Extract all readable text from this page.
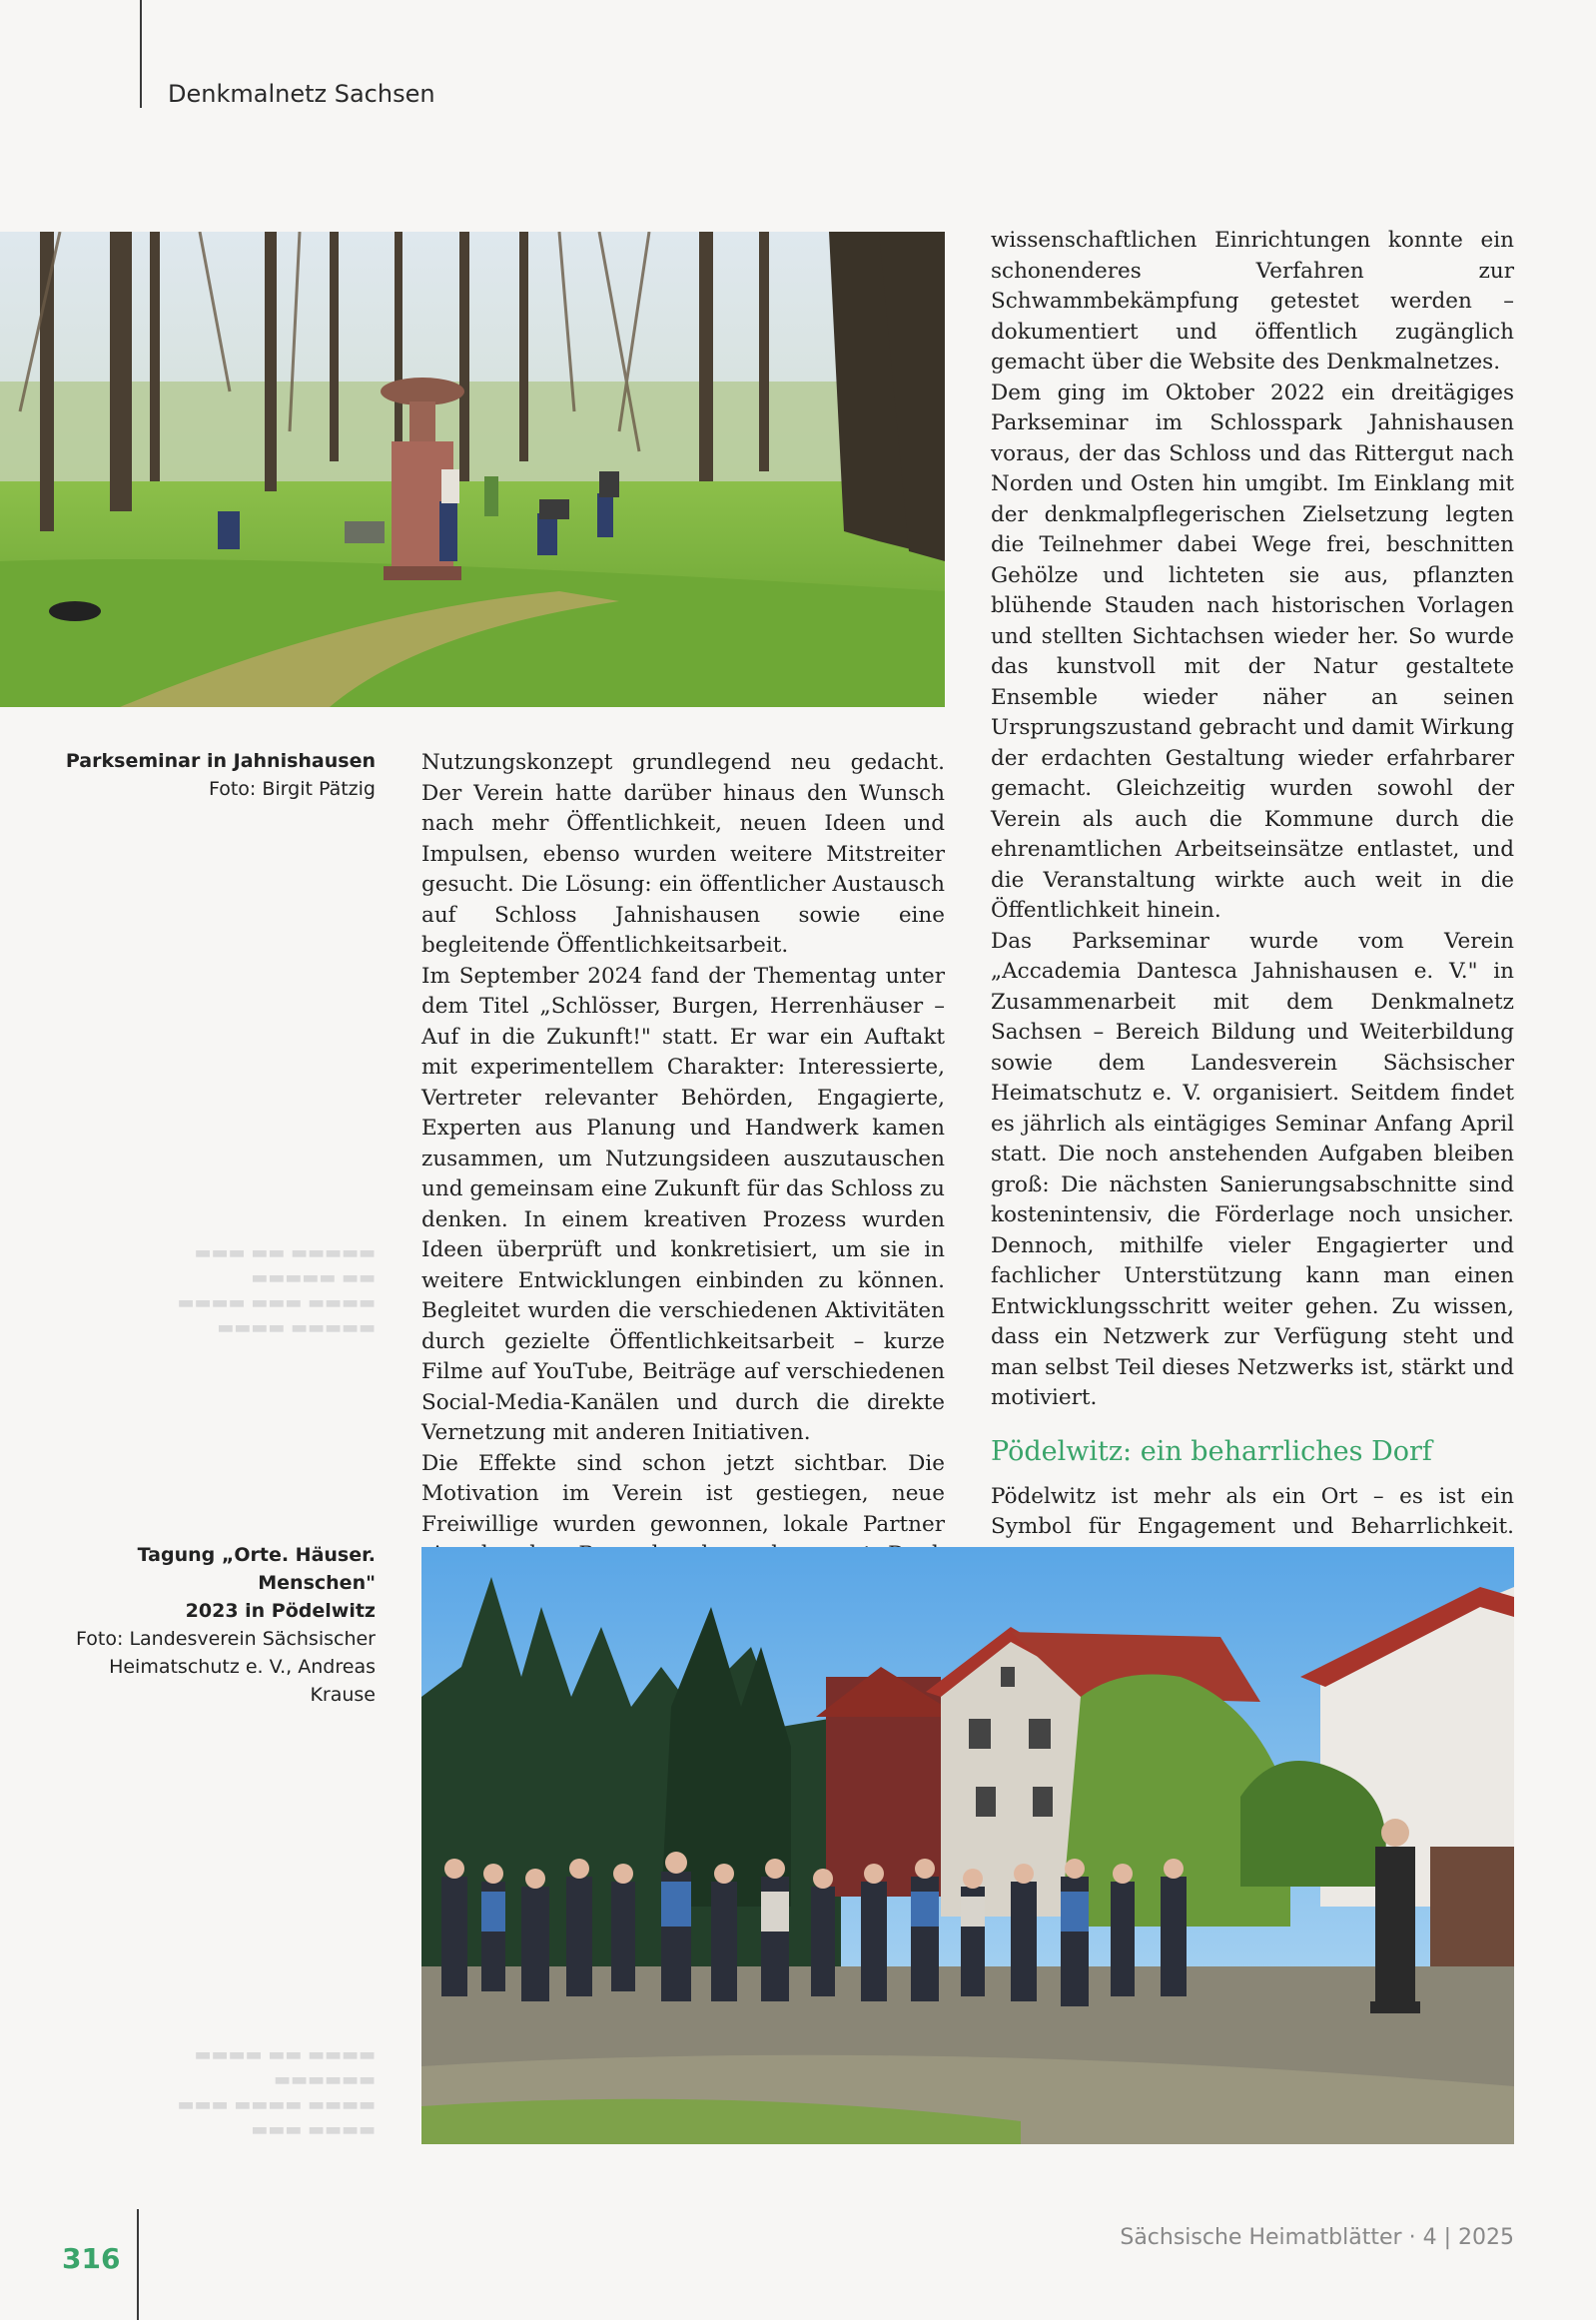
Denkmalnetz Sachsen
Parkseminar in Jahnishausen
Foto: Birgit Pätzig
▬▬▬ ▬▬ ▬▬▬▬▬
▬▬▬▬▬ ▬▬
▬▬▬▬ ▬▬▬ ▬▬▬▬
▬▬▬▬ ▬▬▬▬▬
▬▬▬▬ ▬▬ ▬▬▬▬
▬▬▬▬▬▬
▬▬▬ ▬▬▬▬ ▬▬▬▬
▬▬▬ ▬▬▬▬
Tagung „Orte. Häuser. Menschen"
2023 in Pödelwitz
Foto: Landesverein Sächsischer
Heimatschutz e. V., Andreas Krause

Nutzungskonzept grundlegend neu gedacht. Der Verein hatte darüber hinaus den Wunsch nach mehr Öffentlichkeit, neuen Ideen und Impulsen, ebenso wurden weitere Mitstreiter gesucht. Die Lösung: ein öffentlicher Austausch auf Schloss Jahnishausen sowie eine begleitende Öffentlichkeitsarbeit.

Im September 2024 fand der Thementag unter dem Titel „Schlösser, Burgen, Herrenhäuser – Auf in die Zukunft!" statt. Er war ein Auftakt mit experimentellem Charakter: Interessierte, Vertreter relevanter Behörden, Engagierte, Experten aus Planung und Handwerk kamen zusammen, um Nutzungsideen auszutauschen und gemeinsam eine Zukunft für das Schloss zu denken. In einem kreativen Prozess wurden Ideen überprüft und konkretisiert, um sie in weitere Entwicklungen einbinden zu können. Begleitet wurden die verschiedenen Aktivitäten durch gezielte Öffentlichkeitsarbeit – kurze Filme auf YouTube, Beiträge auf verschiedenen Social-Media-Kanälen und durch die direkte Vernetzung mit anderen Initiativen.

Die Effekte sind schon jetzt sichtbar. Die Motivation im Verein ist gestiegen, neue Freiwillige wurden gewonnen, lokale Partner

wissenschaftlichen Einrichtungen konnte ein schonenderes Verfahren zur Schwammbekämpfung getestet werden – dokumentiert und öffentlich zugänglich gemacht über die Website des Denkmalnetzes.

Dem ging im Oktober 2022 ein dreitägiges Parkseminar im Schlosspark Jahnishausen voraus, der das Schloss und das Rittergut nach Norden und Osten hin umgibt. Im Einklang mit der denkmalpflegerischen Zielsetzung legten die Teilnehmer dabei Wege frei, beschnitten Gehölze und lichteten sie aus, pflanzten blühende Stauden nach historischen Vorlagen und stellten Sichtachsen wieder her. So wurde das kunstvoll mit der Natur gestaltete Ensemble wieder näher an seinen Ursprungszustand gebracht und damit Wirkung der erdachten Gestaltung wieder erfahrbarer gemacht. Gleichzeitig wurden sowohl der Verein als auch die Kommune durch die ehrenamtlichen Arbeitseinsätze entlastet, und die Veranstaltung wirkte auch weit in die Öffentlichkeit hinein.

Das Parkseminar wurde vom Verein „Accademia Dantesca Jahnishausen e. V." in Zusammenarbeit mit dem Denkmalnetz Sachsen – Bereich Bildung und Weiterbildung sowie dem Landesverein Sächsischer Heimatschutz e. V. organisiert. Seitdem findet es jährlich als eintägiges Seminar Anfang April statt. Die noch anstehenden Aufgaben bleiben groß: Die nächsten Sanierungsabschnitte sind kostenintensiv, die Förderlage noch unsicher. Dennoch, mithilfe vieler Engagierter und fachlicher Unterstützung kann man einen Entwicklungsschritt weiter gehen. Zu wissen, dass ein Netzwerk zur Verfügung steht und man selbst Teil dieses Netzwerks ist, stärkt und motiviert.

Pödelwitz: ein beharrliches Dorf

Pödelwitz ist mehr als ein Ort – es ist ein Symbol für Engagement und Beharrlichkeit.

316
Sächsische Heimatblätter · 4 | 2025
